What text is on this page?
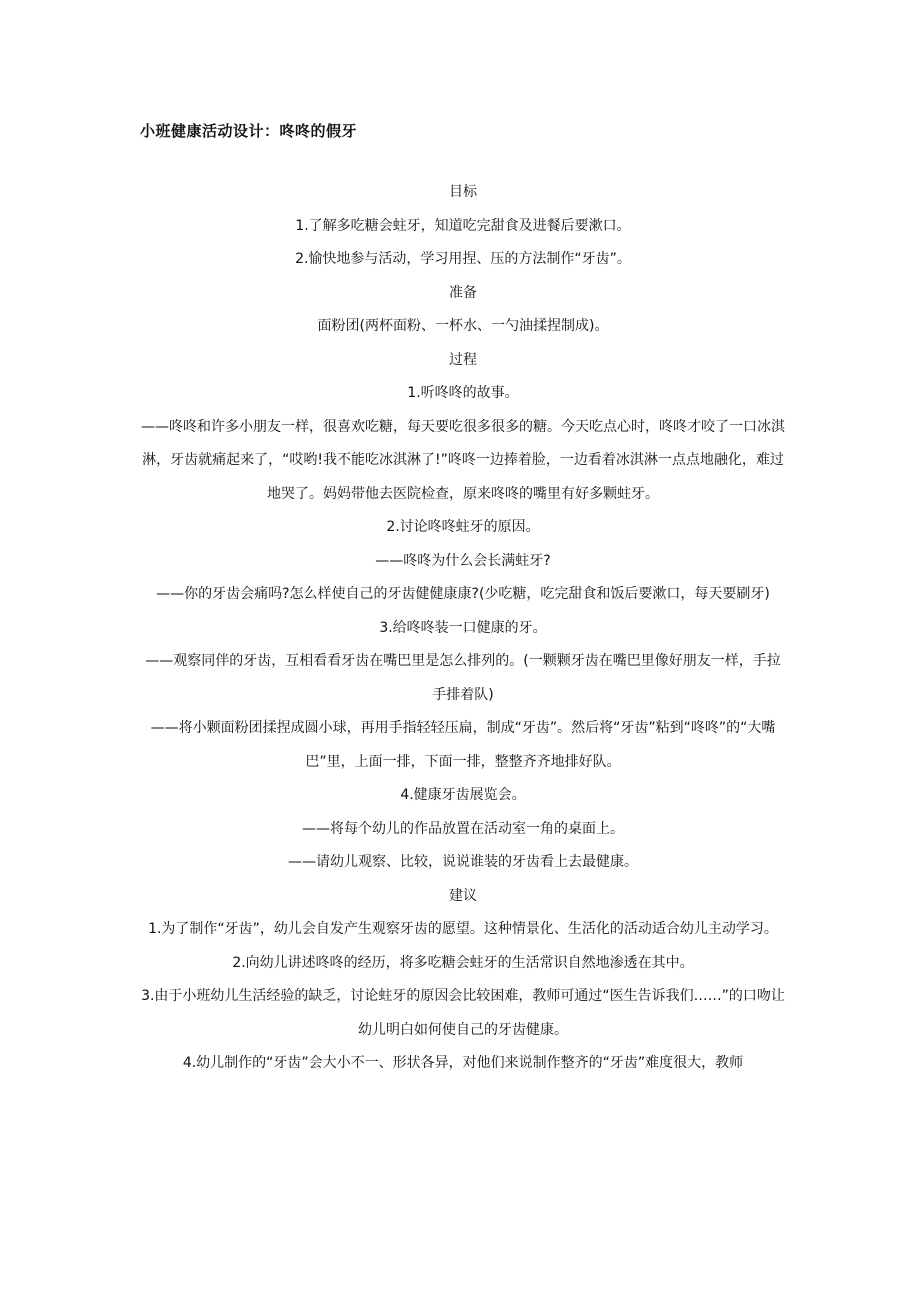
小班健康活动设计：咚咚的假牙

目标

1.了解多吃糖会蛀牙，知道吃完甜食及进餐后要漱口。

2.愉快地参与活动，学习用捏、压的方法制作“牙齿”。

准备

面粉团(两杯面粉、一杯水、一勺油揉捏制成)。

过程

1.听咚咚的故事。

——咚咚和许多小朋友一样，很喜欢吃糖，每天要吃很多很多的糖。今天吃点心时，咚咚才咬了一口冰淇淋，牙齿就痛起来了，“哎哟!我不能吃冰淇淋了!”咚咚一边捧着脸，一边看着冰淇淋一点点地融化，难过地哭了。妈妈带他去医院检查，原来咚咚的嘴里有好多颗蛀牙。

2.讨论咚咚蛀牙的原因。

——咚咚为什么会长满蛀牙?

——你的牙齿会痛吗?怎么样使自己的牙齿健健康康?(少吃糖，吃完甜食和饭后要漱口，每天要刷牙)

3.给咚咚装一口健康的牙。

——观察同伴的牙齿，互相看看牙齿在嘴巴里是怎么排列的。(一颗颗牙齿在嘴巴里像好朋友一样，手拉手排着队)

——将小颗面粉团揉捏成圆小球，再用手指轻轻压扁，制成“牙齿”。然后将“牙齿”粘到“咚咚”的“大嘴巴”里，上面一排，下面一排，整整齐齐地排好队。

4.健康牙齿展览会。

——将每个幼儿的作品放置在活动室一角的桌面上。

——请幼儿观察、比较，说说谁装的牙齿看上去最健康。

建议

1.为了制作“牙齿”，幼儿会自发产生观察牙齿的愿望。这种情景化、生活化的活动适合幼儿主动学习。

2.向幼儿讲述咚咚的经历，将多吃糖会蛀牙的生活常识自然地渗透在其中。

3.由于小班幼儿生活经验的缺乏，讨论蛀牙的原因会比较困难，教师可通过“医生告诉我们……”的口吻让幼儿明白如何使自己的牙齿健康。

4.幼儿制作的“牙齿”会大小不一、形状各异，对他们来说制作整齐的“牙齿”难度很大，教师
